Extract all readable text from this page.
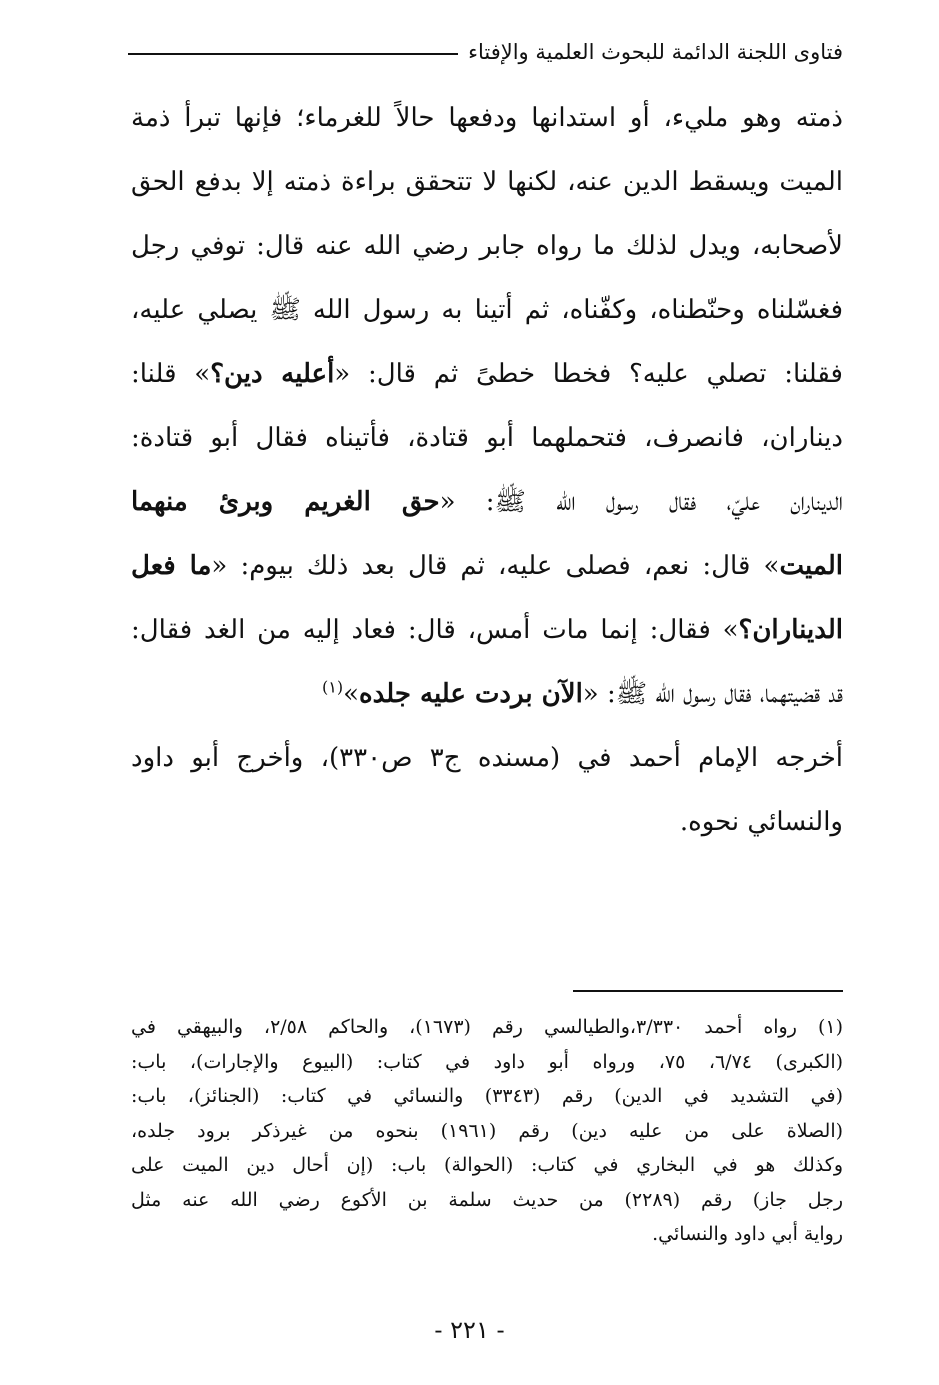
فتاوى اللجنة الدائمة للبحوث العلمية والإفتاء
ذمته وهو مليء، أو استدانها ودفعها حالاً للغرماء؛ فإنها تبرأ ذمة
الميت ويسقط الدين عنه، لكنها لا تتحقق براءة ذمته إلا بدفع الحق
لأصحابه، ويدل لذلك ما رواه جابر رضي الله عنه قال: توفي رجل
فغسّلناه وحنّطناه، وكفّناه، ثم أتينا به رسول الله ﷺ يصلي عليه،
فقلنا: تصلي عليه؟ فخطا خطىً ثم قال: «أعليه دين؟» قلنا:
ديناران، فانصرف، فتحملهما أبو قتادة، فأتيناه فقال أبو قتادة:
الديناران عليّ، فقال رسول الله ﷺ: «حق الغريم وبرئ منهما
الميت» قال: نعم، فصلى عليه، ثم قال بعد ذلك بيوم: «ما فعل
الديناران؟» فقال: إنما مات أمس، قال: فعاد إليه من الغد فقال:
قد قضيتهما، فقال رسول الله ﷺ: «الآن بردت عليه جلده»$^{(١)}$
أخرجه الإمام أحمد في (مسنده ج٣ ص٣٣٠)، وأخرج أبو داود
والنسائي نحوه.
(١) رواه أحمد ٣/٣٣٠،والطيالسي رقم (١٦٧٣)، والحاكم ٢/٥٨، والبيهقي في
(الكبرى) ٦/٧٤، ٧٥، ورواه أبو داود في كتاب: (البيوع والإجارات)، باب:
(في التشديد في الدين) رقم (٣٣٤٣) والنسائي في كتاب: (الجنائز)، باب:
(الصلاة على من عليه دين) رقم (١٩٦١) بنحوه من غيرذكر برود جلده،
وكذلك هو في البخاري في كتاب: (الحوالة) باب: (إن أحال دين الميت على
رجل جاز) رقم (٢٢٨٩) من حديث سلمة بن الأكوع رضي الله عنه مثل
رواية أبي داود والنسائي.
- ٢٢١ -
